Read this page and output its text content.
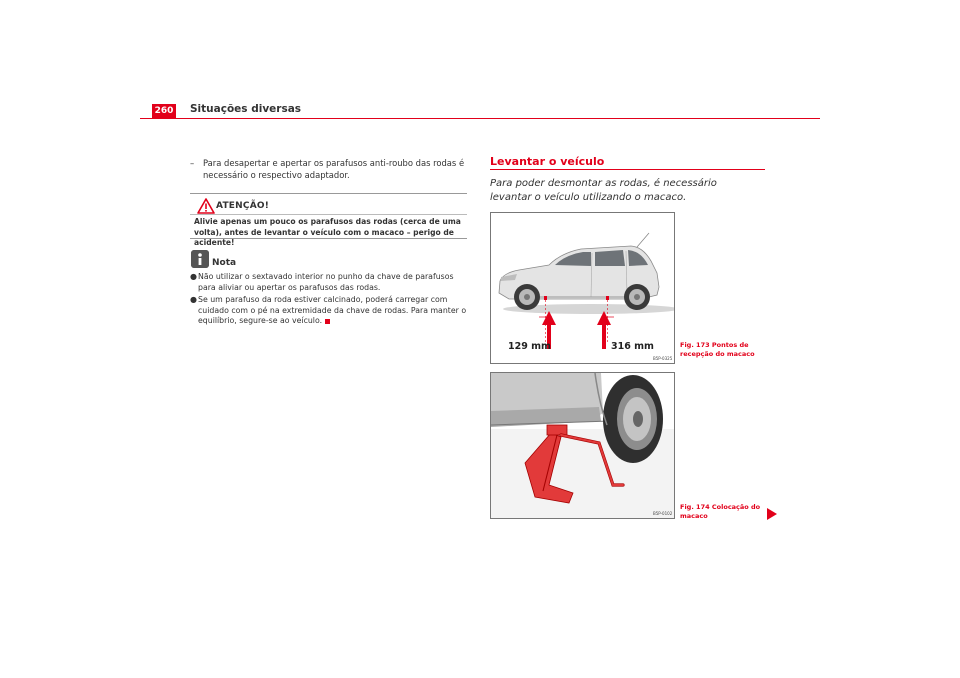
260 Situações diversas
–	Para desapertar e apertar os parafusos anti-roubo das rodas é necessário o respectivo adaptador.
ATENÇÃO!
Alivie apenas um pouco os parafusos das rodas (cerca de uma volta), antes de levantar o veículo com o macaco – perigo de acidente!
Nota
● Não utilizar o sextavado interior no punho da chave de parafusos para aliviar ou apertar os parafusos das rodas.
● Se um parafuso da roda estiver calcinado, poderá carregar com cuidado com o pé na extremidade da chave de rodas. Para manter o equilíbrio, segure-se ao veículo.
Levantar o veículo
Para poder desmontar as rodas, é necessário levantar o veículo utilizando o macaco.
129 mm	316 mm
B5P-0325
Fig. 173 Pontos de recepção do macaco
B5P-0102
Fig. 174 Colocação do macaco
